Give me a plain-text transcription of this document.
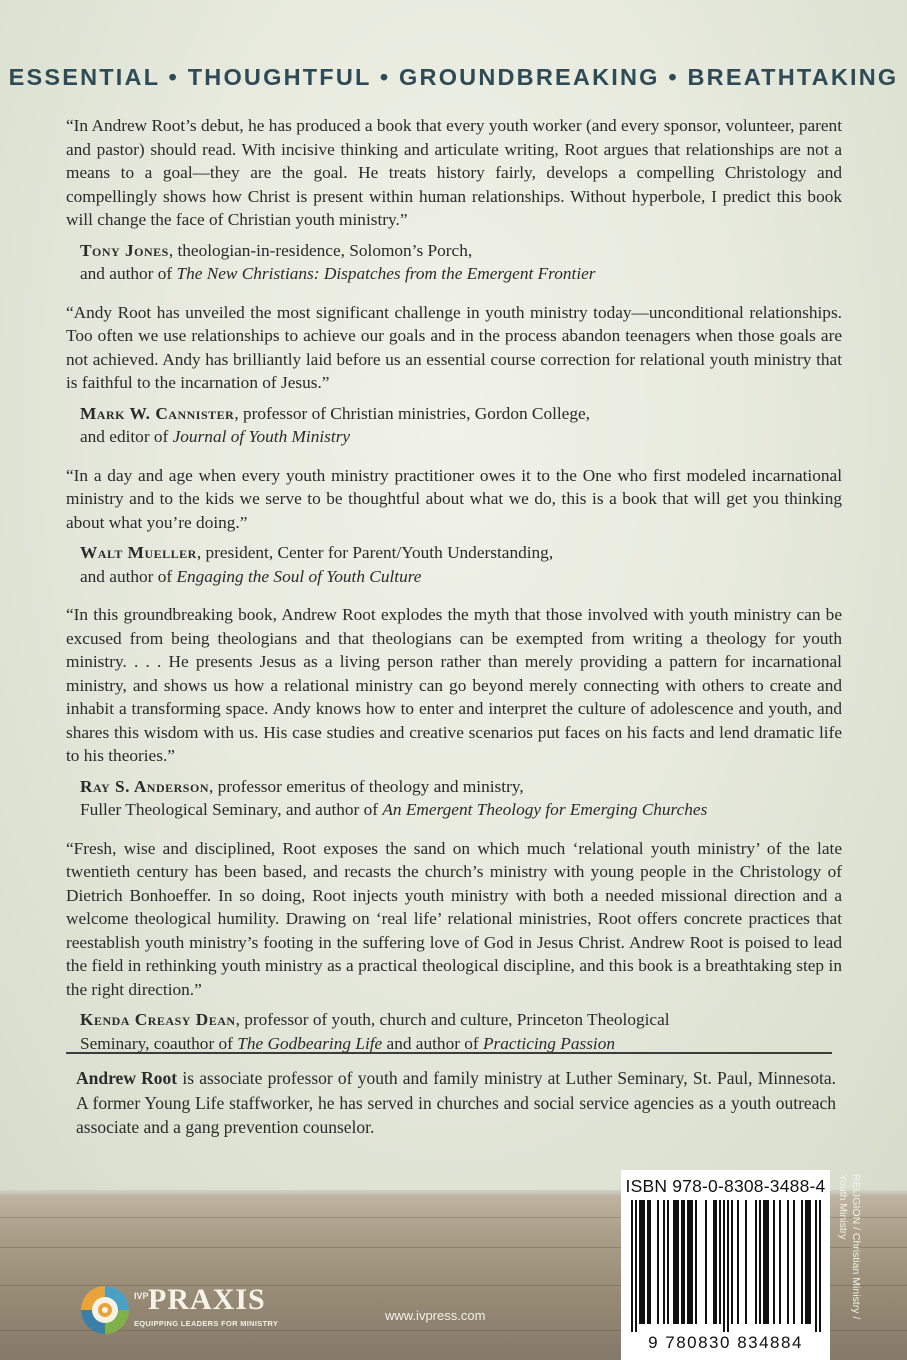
ESSENTIAL • THOUGHTFUL • GROUNDBREAKING • BREATHTAKING

“In Andrew Root’s debut, he has produced a book that every youth worker (and every sponsor, volunteer, parent and pastor) should read. With incisive thinking and articulate writing, Root argues that relationships are not a means to a goal—they are the goal. He treats history fairly, develops a compelling Christology and compellingly shows how Christ is present within human relationships. Without hyperbole, I predict this book will change the face of Christian youth ministry.”

Tony Jones, theologian-in-residence, Solomon’s Porch,
and author of The New Christians: Dispatches from the Emergent Frontier

“Andy Root has unveiled the most significant challenge in youth ministry today—unconditional relationships. Too often we use relationships to achieve our goals and in the process abandon teenagers when those goals are not achieved. Andy has brilliantly laid before us an essential course correction for relational youth ministry that is faithful to the incarnation of Jesus.”

Mark W. Cannister, professor of Christian ministries, Gordon College,
and editor of Journal of Youth Ministry

“In a day and age when every youth ministry practitioner owes it to the One who first modeled incarnational ministry and to the kids we serve to be thoughtful about what we do, this is a book that will get you thinking about what you’re doing.”

Walt Mueller, president, Center for Parent/Youth Understanding,
and author of Engaging the Soul of Youth Culture

“In this groundbreaking book, Andrew Root explodes the myth that those involved with youth ministry can be excused from being theologians and that theologians can be exempted from writing a theology for youth ministry. . . . He presents Jesus as a living person rather than merely providing a pattern for incarnational ministry, and shows us how a relational ministry can go beyond merely connecting with others to create and inhabit a transforming space. Andy knows how to enter and interpret the culture of adolescence and youth, and shares this wisdom with us. His case studies and creative scenarios put faces on his facts and lend dramatic life to his theories.”

Ray S. Anderson, professor emeritus of theology and ministry,
Fuller Theological Seminary, and author of An Emergent Theology for Emerging Churches

“Fresh, wise and disciplined, Root exposes the sand on which much ‘relational youth ministry’ of the late twentieth century has been based, and recasts the church’s ministry with young people in the Christology of Dietrich Bonhoeffer. In so doing, Root injects youth ministry with both a needed missional direction and a welcome theological humility. Drawing on ‘real life’ relational ministries, Root offers concrete practices that reestablish youth ministry’s footing in the suffering love of God in Jesus Christ. Andrew Root is poised to lead the field in rethinking youth ministry as a practical theological discipline, and this book is a breathtaking step in the right direction.”

Kenda Creasy Dean, professor of youth, church and culture, Princeton Theological
Seminary, coauthor of The Godbearing Life and author of Practicing Passion

Andrew Root is associate professor of youth and family ministry at Luther Seminary, St. Paul, Minnesota. A former Young Life staffworker, he has served in churches and social service agencies as a youth outreach associate and a gang prevention counselor.

ISBN 978-0-8308-3488-4
9 780830 834884
RELIGION / Christian Ministry /
Youth Ministry
IVP PRAXIS
EQUIPPING LEADERS FOR MINISTRY
www.ivpress.com
